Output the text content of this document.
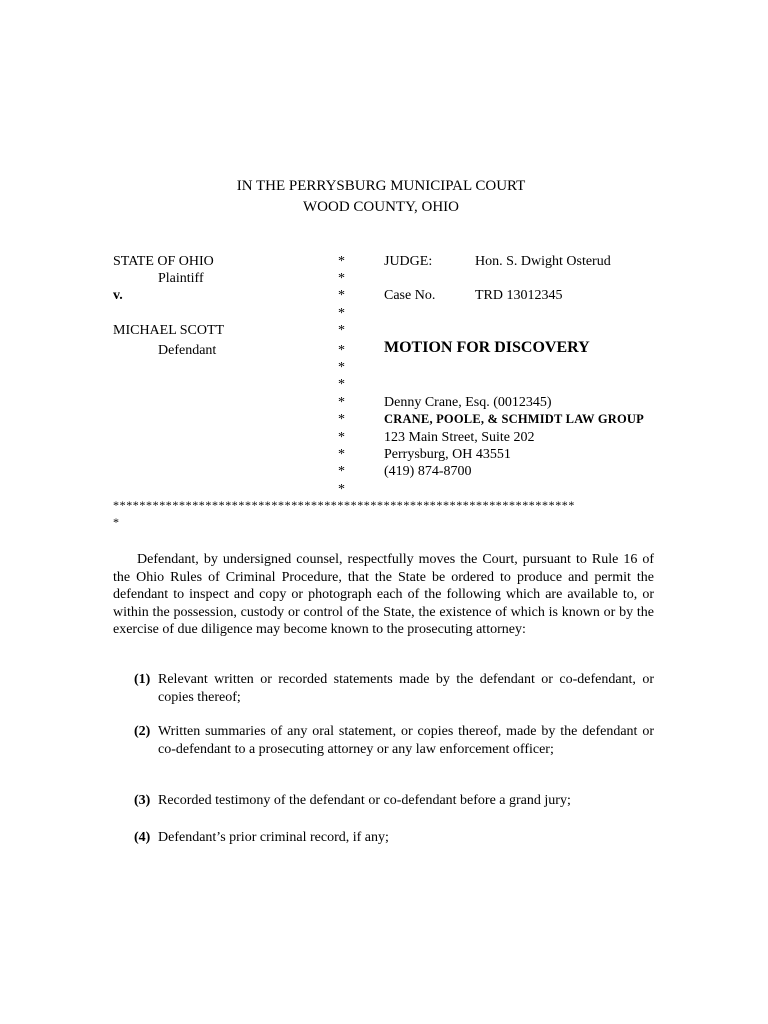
IN THE PERRYSBURG MUNICIPAL COURT
WOOD COUNTY, OHIO
STATE OF OHIO
Plaintiff
v.
MICHAEL SCOTT
Defendant
*
*
*
*
*
*
*
*
*
*
*
*
*
*
JUDGE:	Hon. S. Dwight Osterud
Case No.	TRD 13012345
MOTION FOR DISCOVERY
Denny Crane, Esq. (0012345)
CRANE, POOLE, & SCHMIDT LAW GROUP
123 Main Street, Suite 202
Perrysburg, OH 43551
(419) 874-8700
**********************************************************************
*

Defendant, by undersigned counsel, respectfully moves the Court, pursuant to Rule 16 of the Ohio Rules of Criminal Procedure, that the State be ordered to produce and permit the defendant to inspect and copy or photograph each of the following which are available to, or within the possession, custody or control of the State, the existence of which is known or by the exercise of due diligence may become known to the prosecuting attorney:

(1) Relevant written or recorded statements made by the defendant or co-defendant, or copies thereof;
(2) Written summaries of any oral statement, or copies thereof, made by the defendant or co-defendant to a prosecuting attorney or any law enforcement officer;
(3) Recorded testimony of the defendant or co-defendant before a grand jury;
(4) Defendant’s prior criminal record, if any;
